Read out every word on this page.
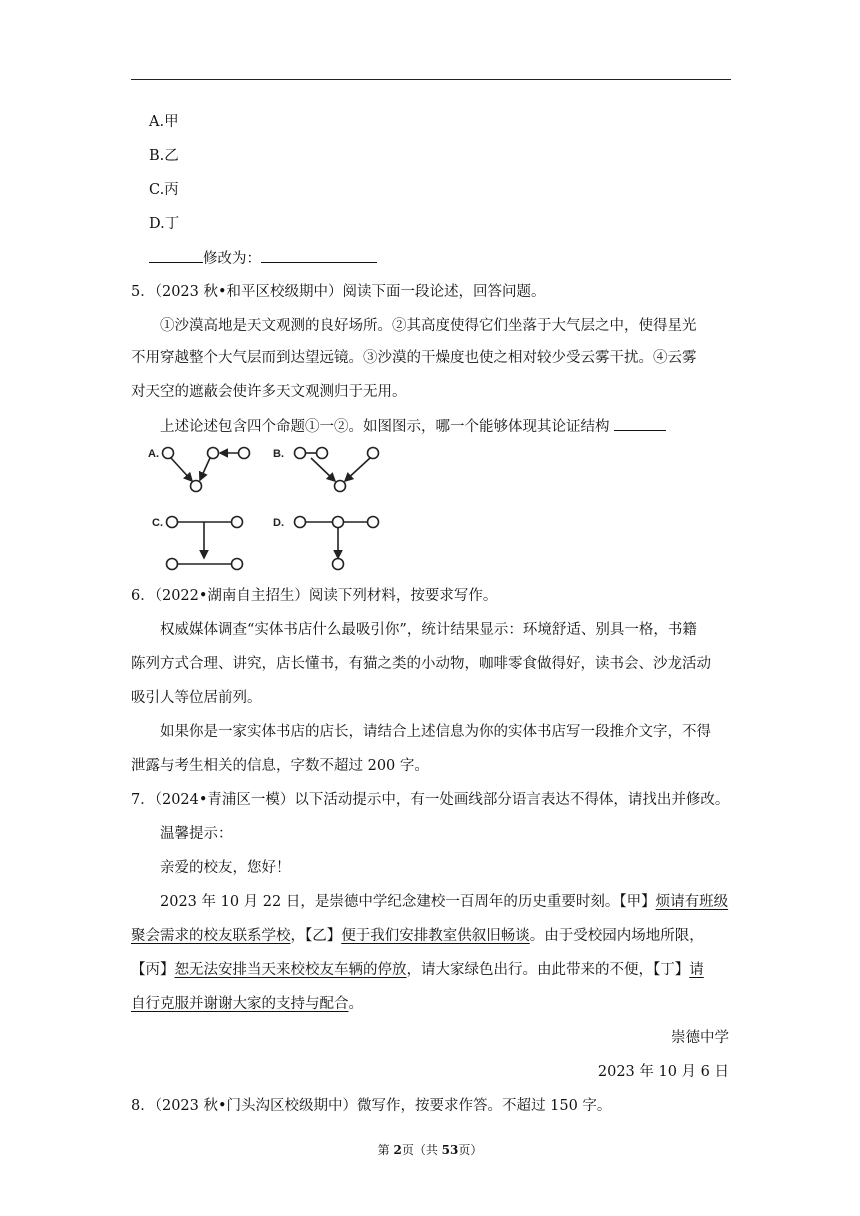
A.甲
B.乙
C.丙
D.丁
修改为：
5．（2023 秋•和平区校级期中）阅读下面一段论述，回答问题。
①沙漠高地是天文观测的良好场所。②其高度使得它们坐落于大气层之中，使得星光
不用穿越整个大气层而到达望远镜。③沙漠的干燥度也使之相对较少受云雾干扰。④云雾
对天空的遮蔽会使许多天文观测归于无用。
上述论述包含四个命题①一②。如图图示，哪一个能够体现其论证结构
A.	B.
C.	D.
6．（2022•湖南自主招生）阅读下列材料，按要求写作。
权威媒体调查“实体书店什么最吸引你”，统计结果显示：环境舒适、别具一格，书籍
陈列方式合理、讲究，店长懂书，有猫之类的小动物，咖啡零食做得好，读书会、沙龙活动
吸引人等位居前列。
如果你是一家实体书店的店长，请结合上述信息为你的实体书店写一段推介文字，不得
泄露与考生相关的信息，字数不超过 200 字。
7．（2024•青浦区一模）以下活动提示中，有一处画线部分语言表达不得体，请找出并修改。
温馨提示：
亲爱的校友，您好！
2023 年 10 月 22 日，是崇德中学纪念建校一百周年的历史重要时刻。【甲】烦请有班级
聚会需求的校友联系学校，【乙】便于我们安排教室供叙旧畅谈。由于受校园内场地所限，
【丙】恕无法安排当天来校校友车辆的停放，请大家绿色出行。由此带来的不便，【丁】请
自行克服并谢谢大家的支持与配合。
崇德中学
2023 年 10 月 6 日
8．（2023 秋•门头沟区校级期中）微写作，按要求作答。不超过 150 字。
第 2页（共 53页）
